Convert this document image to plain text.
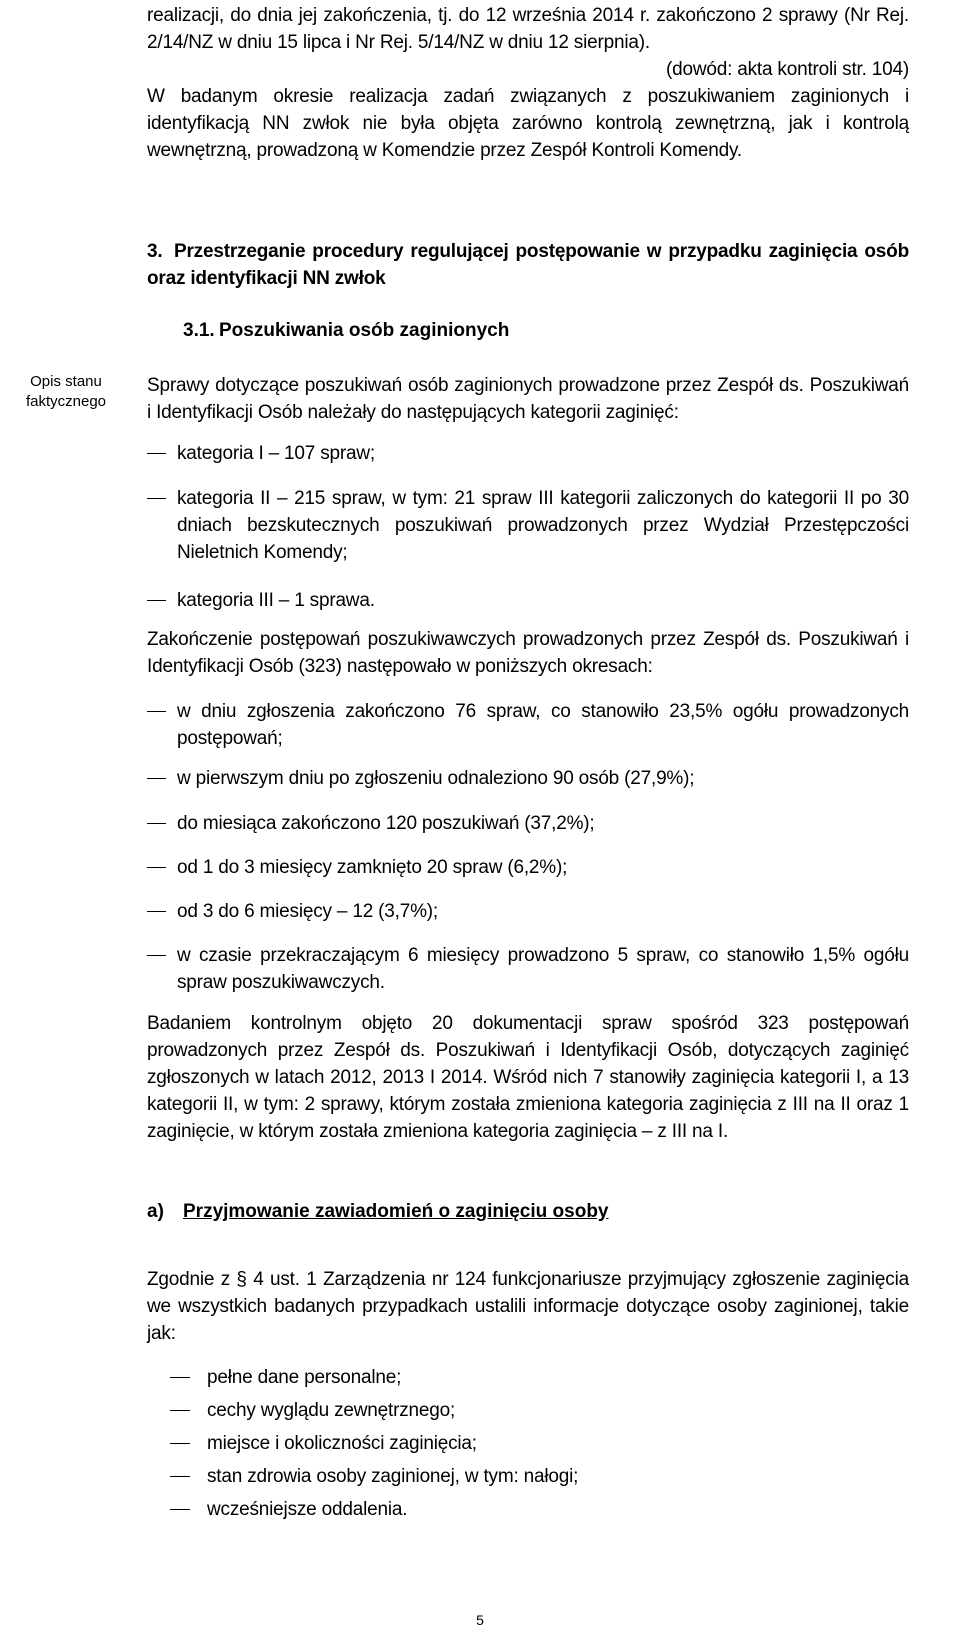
realizacji, do dnia jej zakończenia, tj. do 12 września 2014 r. zakończono 2 sprawy (Nr Rej. 2/14/NZ w dniu 15 lipca i Nr Rej. 5/14/NZ w dniu 12 sierpnia).

(dowód: akta kontroli str. 104)

W badanym okresie realizacja zadań związanych z poszukiwaniem zaginionych i identyfikacją NN zwłok nie była objęta zarówno kontrolą zewnętrzną, jak i kontrolą wewnętrzną, prowadzoną w Komendzie przez Zespół Kontroli Komendy.

3. Przestrzeganie procedury regulującej postępowanie w przypadku zaginięcia osób oraz identyfikacji NN zwłok

3.1. Poszukiwania osób zaginionych

Opis stanu
faktycznego

Sprawy dotyczące poszukiwań osób zaginionych prowadzone przez Zespół ds. Poszukiwań i Identyfikacji Osób należały do następujących kategorii zaginięć:

kategoria I – 107 spraw;

kategoria II – 215 spraw, w tym: 21 spraw III kategorii zaliczonych do kategorii II po 30 dniach bezskutecznych poszukiwań prowadzonych przez Wydział Przestępczości Nieletnich Komendy;

kategoria III – 1 sprawa.

Zakończenie postępowań poszukiwawczych prowadzonych przez Zespół ds. Poszukiwań i Identyfikacji Osób (323) następowało w poniższych okresach:

w dniu zgłoszenia zakończono 76 spraw, co stanowiło 23,5% ogółu prowadzonych postępowań;

w pierwszym dniu po zgłoszeniu odnaleziono 90 osób (27,9%);

do miesiąca zakończono 120 poszukiwań (37,2%);

od 1 do 3 miesięcy zamknięto 20 spraw (6,2%);

od 3 do 6 miesięcy – 12 (3,7%);

w czasie przekraczającym 6 miesięcy prowadzono 5 spraw, co stanowiło 1,5% ogółu spraw poszukiwawczych.

Badaniem kontrolnym objęto 20 dokumentacji spraw spośród 323 postępowań prowadzonych przez Zespół ds. Poszukiwań i Identyfikacji Osób, dotyczących zaginięć zgłoszonych w latach 2012, 2013 I 2014. Wśród nich 7 stanowiły zaginięcia kategorii I, a 13 kategorii II, w tym: 2 sprawy, którym została zmieniona kategoria zaginięcia z III na II oraz 1 zaginięcie, w którym została zmieniona kategoria zaginięcia – z III na I.

a) Przyjmowanie zawiadomień o zaginięciu osoby

Zgodnie z § 4 ust. 1 Zarządzenia nr 124 funkcjonariusze przyjmujący zgłoszenie zaginięcia we wszystkich badanych przypadkach ustalili informacje dotyczące osoby zaginionej, takie jak:

pełne dane personalne;

cechy wyglądu zewnętrznego;

miejsce i okoliczności zaginięcia;

stan zdrowia osoby zaginionej, w tym: nałogi;

wcześniejsze oddalenia.

5
